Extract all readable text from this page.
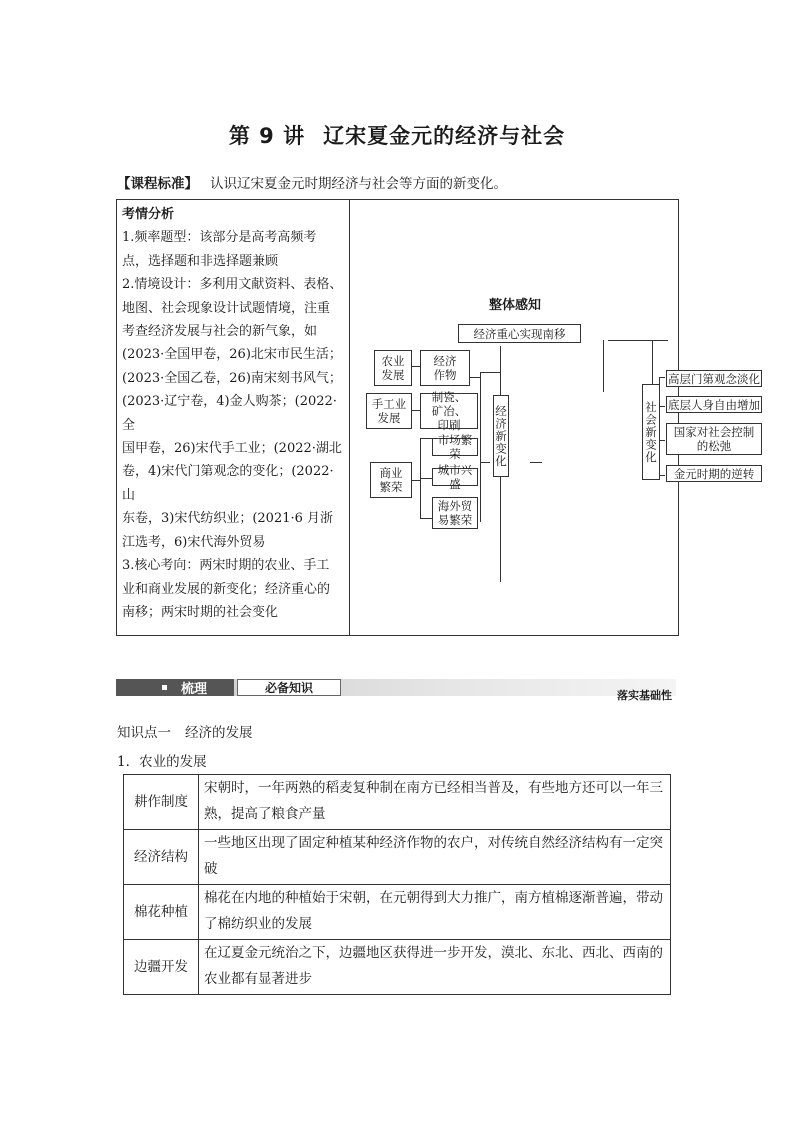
第 9 讲 辽宋夏金元的经济与社会
【课程标准】 认识辽宋夏金元时期经济与社会等方面的新变化。

考情分析

1.频率题型：该部分是高考高频考

点，选择题和非选择题兼顾

2.情境设计：多利用文献资料、表格、

地图、社会现象设计试题情境，注重

考查经济发展与社会的新气象，如

(2023·全国甲卷，26)北宋市民生活；

(2023·全国乙卷，26)南宋刻书风气；

(2023·辽宁卷，4)金人购茶；(2022·全

国甲卷，26)宋代手工业；(2022·湖北

卷，4)宋代门第观念的变化；(2022·山

东卷，3)宋代纺织业；(2021·6 月浙

江选考，6)宋代海外贸易

3.核心考向：两宋时期的农业、手工

业和商业发展的新变化；经济重心的

南移；两宋时期的社会变化

整体感知
经济重心实现南移
农业发展
经济作物
手工业发展
制瓷、矿冶、印刷
商业繁荣
市场繁荣
城市兴盛
海外贸易繁荣
经济新变化	社会新变化
高层门第观念淡化
底层人身自由增加
国家对社会控制的松弛
金元时期的逆转
梳理	必备知识
落实基础性
知识点一 经济的发展
1．农业的发展
耕作制度	宋朝时，一年两熟的稻麦复种制在南方已经相当普及，有些地方还可以一年三熟，提高了粮食产量
经济结构	一些地区出现了固定种植某种经济作物的农户，对传统自然经济结构有一定突破
棉花种植	棉花在内地的种植始于宋朝，在元朝得到大力推广，南方植棉逐渐普遍，带动了棉纺织业的发展
边疆开发	在辽夏金元统治之下，边疆地区获得进一步开发，漠北、东北、西北、西南的农业都有显著进步
